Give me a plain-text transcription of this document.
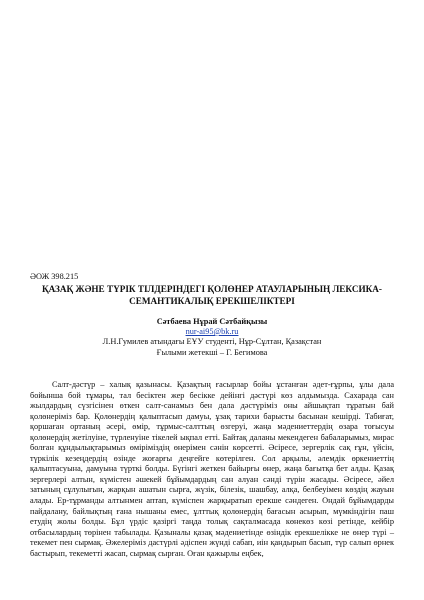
ӘОЖ 398.215

ҚАЗАҚ ЖӘНЕ ТҮРІК ТІЛДЕРІНДЕГІ ҚОЛӨНЕР АТАУЛАРЫНЫҢ ЛЕКСИКА-СЕМАНТИКАЛЫҚ ЕРЕКШЕЛІКТЕРІ

Сәтбаева Нұрай Сәтбайқызы

nur-ai95@bk.ru

Л.Н.Гумилев атындағы ЕҰУ студенті, Нұр-Сұлтан, Қазақстан

Ғылыми жетекші – Г. Бегимова

Салт-дәстүр – халық қазынасы. Қазақтың ғасырлар бойы ұстанған әдет-ғұрпы, ұлы дала бойынша бой тұмары, тал бесіктен жер бесікке дейінгі дәстүрі көз алдымызда. Сахарада сан жылдардың сүзгісінен өткен салт-санамыз бен дала дәстүріміз оны айшықтап тұратын бай қолөнеріміз бар. Қолөнердің қалыптасып дамуы, ұзақ тарихи барысты басынан кешірді. Табиғат, қоршаған ортаның әсері, өмір, тұрмыс-салттың өзгеруі, жаңа мәдениеттердің өзара тоғысуы қолөнердің жетілуіне, түрленуіне тікелей ықпал етті. Байтақ даланы мекендеген бабаларымыз, мирас болған құндылықтарымыз өміріміздің өнерімен сәнін көрсетті. Әсіресе, зергерлік сақ ғұн, үйсін, түркілік кезеңдердің өзінде жоғарғы деңгейге көтерілген. Сол арқылы, әлемдік өркениеттің қалыптасуына, дамуына түрткі болды. Бүгінгі жеткен байырғы өнер, жаңа бағытқа бет алды. Қазақ зергерлері алтын, күмістен әшекей бұйымдардың сан алуан сәнді түрін жасады. Әсіресе, әйел затының сұлулығын, жарқын ашатын сырға, жүзік, білезік, шашбау, алқа, белбеуімен көздің жауын алады. Ер-тұрманды алтынмен аптап, күміспен жарқыратып ерекше сәндеген. Ондай бұйымдарды пайдалану, байлықтың ғана нышаны емес, ұлттық қолөнердің бағасын асырып, мүмкіндігін паш етудің жолы болды. Бұл үрдіс қазіргі таңда толық сақталмасада көнекөз көзі ретінде, кейбір отбасылардың төрінен табылады. Қазыналы қазақ мәдениетінде өзіндік ерекшелікке не өнер түрі – текемет пен сырмақ. Әжелеріміз дастүрлі әдіспен жүнді сабап, иін қандырып басып, түр салып өрнек бастырып, текеметті жасап, сырмақ сырған. Оған қажырлы еңбек,
